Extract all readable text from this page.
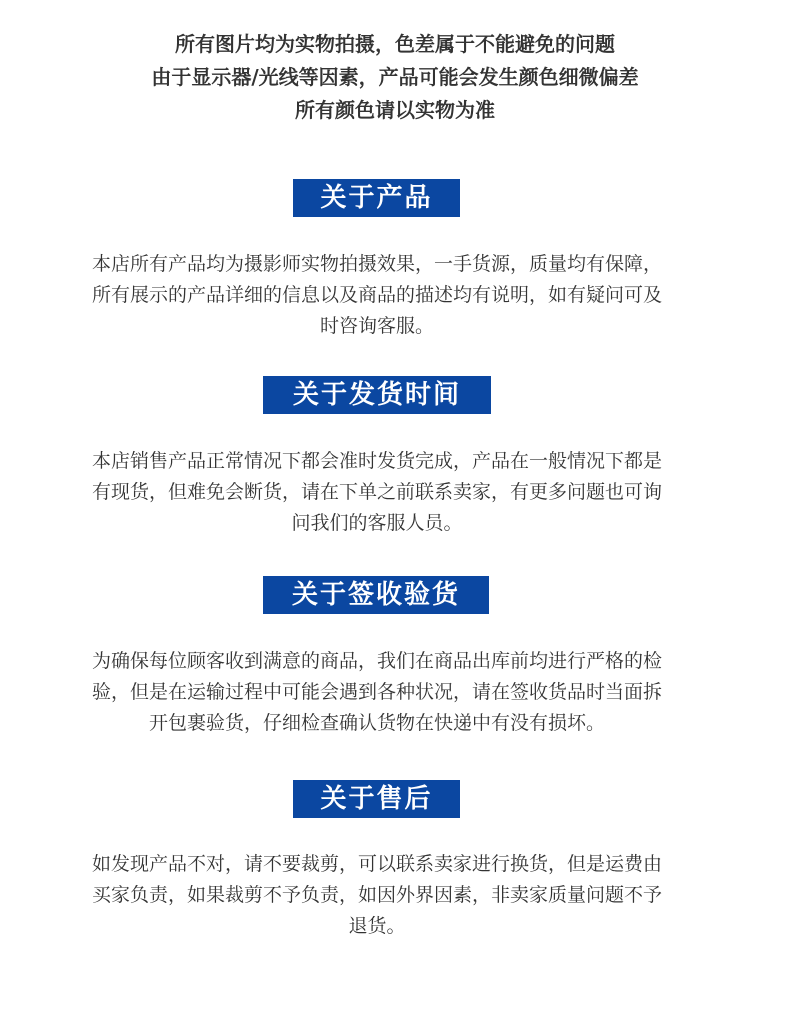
所有图片均为实物拍摄，色差属于不能避免的问题
由于显示器/光线等因素，产品可能会发生颜色细微偏差
所有颜色请以实物为准
关于产品
本店所有产品均为摄影师实物拍摄效果，一手货源，质量均有保障，
所有展示的产品详细的信息以及商品的描述均有说明，如有疑问可及
时咨询客服。
关于发货时间
本店销售产品正常情况下都会准时发货完成，产品在一般情况下都是
有现货，但难免会断货，请在下单之前联系卖家，有更多问题也可询
问我们的客服人员。
关于签收验货
为确保每位顾客收到满意的商品，我们在商品出库前均进行严格的检
验，但是在运输过程中可能会遇到各种状况，请在签收货品时当面拆
开包裹验货，仔细检查确认货物在快递中有没有损坏。
关于售后
如发现产品不对，请不要裁剪，可以联系卖家进行换货，但是运费由
买家负责，如果裁剪不予负责，如因外界因素，非卖家质量问题不予
退货。
